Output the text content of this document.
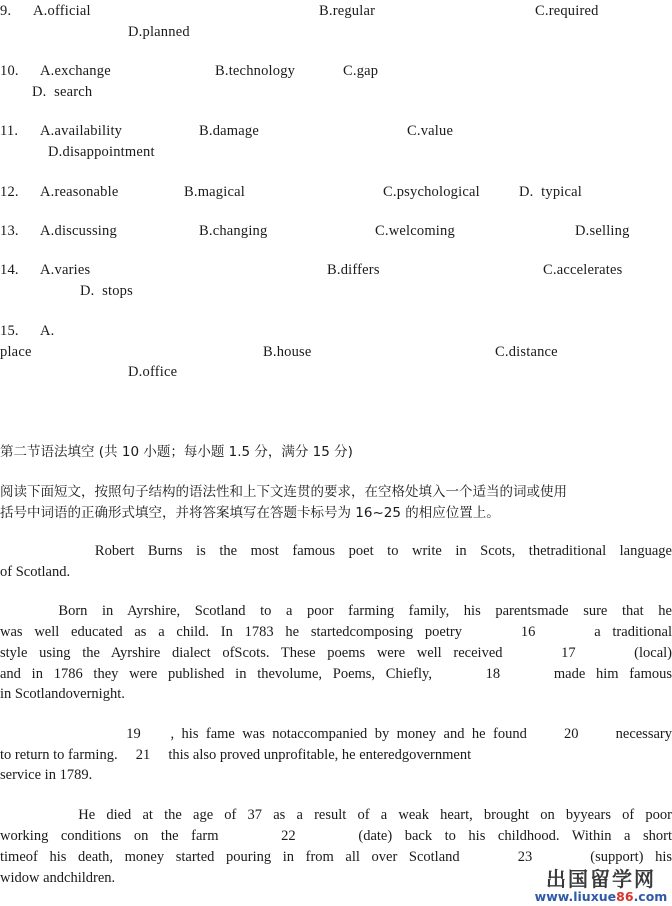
9. A.official	B.regular	C.required
D.planned
10. A.exchange	B.technology	C.gap
D.  search
11. A.availability	B.damage	C.value
D.disappointment
12. A.reasonable	B.magical	C.psychological	D.  typical
13. A.discussing	B.changing	C.welcoming	D.selling
14. A.varies	B.differs	C.accelerates
D.  stops
15. A.
place	B.house	C.distance
D.office
第二节语法填空 (共 10 小题；每小题 1.5 分，满分 15 分)
阅读下面短文，按照句子结构的语法性和上下文连贯的要求，在空格处填入一个适当的词或使用
括号中词语的正确形式填空，并将答案填写在答题卡标号为 16~25 的相应位置上。
Robert Burns is the most famous poet to write in Scots, thetraditional language
of Scotland.
Born in Ayrshire, Scotland to a poor farming family, his parentsmade sure that he
was well educated as a child. In 1783 he startedcomposing poetry     16     a traditional
style using the Ayrshire dialect ofScots. These poems were well received     17     (local)
and in 1786 they were published in thevolume, Poems, Chiefly,     18     made him famous
in Scotlandovernight.
19    , his fame was notaccompanied by money and he found     20     necessary
to return to farming.     21     this also proved unprofitable, he enteredgovernment
service in 1789.
He died at the age of 37 as a result of a weak heart, brought on byyears of poor
working conditions on the farm     22     (date) back to his childhood. Within a short
timeof his death, money started pouring in from all over Scotland     23     (support) his
widow andchildren.	出国留学网
www.liuxue86.com
